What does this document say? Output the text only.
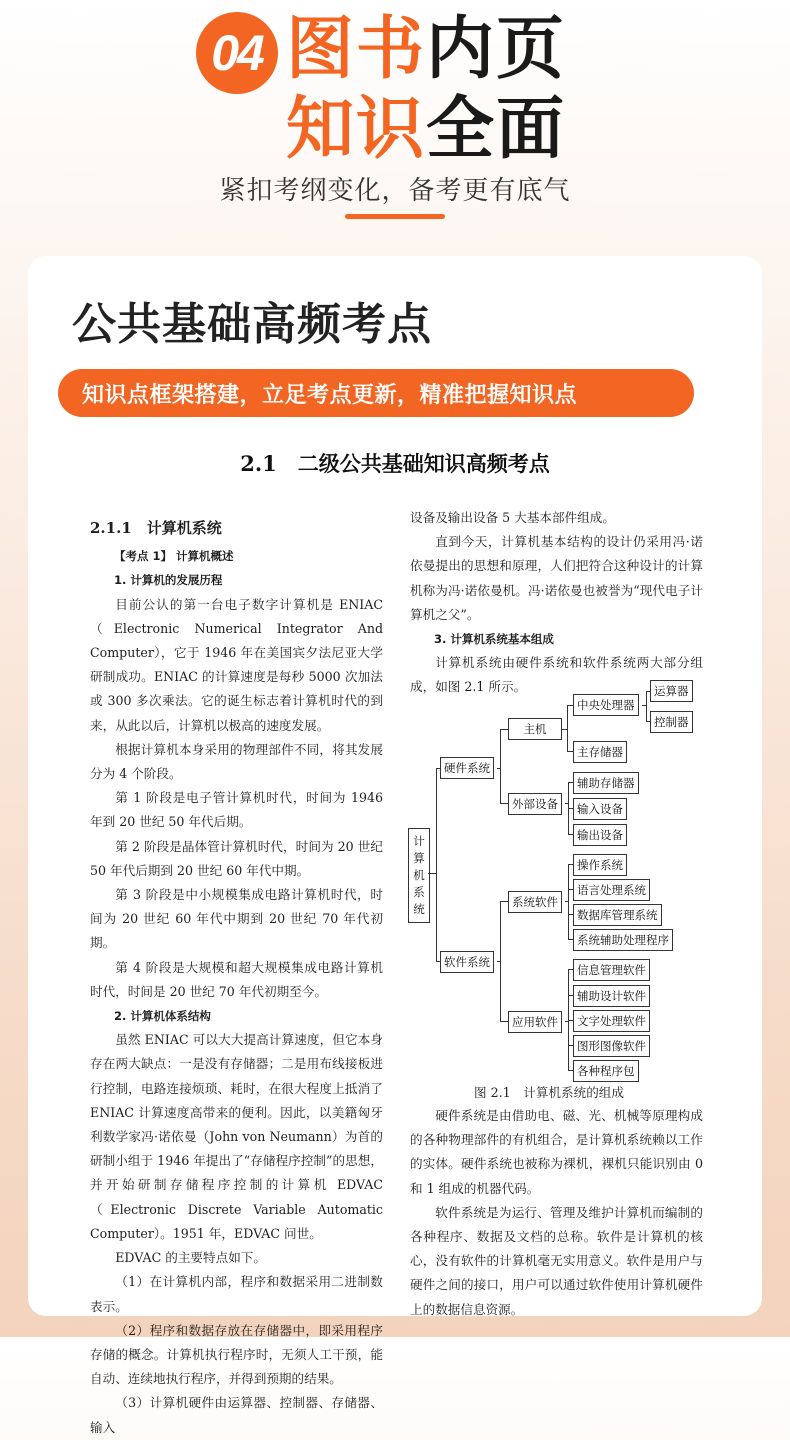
04 图书内页
知识全面
紧扣考纲变化，备考更有底气
公共基础高频考点
知识点框架搭建，立足考点更新，精准把握知识点
2.1　二级公共基础知识高频考点

2.1.1　计算机系统

【考点 1】 计算机概述

1. 计算机的发展历程

目前公认的第一台电子数字计算机是 ENIAC（Electronic Numerical Integrator And Computer），它于 1946 年在美国宾夕法尼亚大学研制成功。ENIAC 的计算速度是每秒 5000 次加法或 300 多次乘法。它的诞生标志着计算机时代的到来，从此以后，计算机以极高的速度发展。

根据计算机本身采用的物理部件不同，将其发展分为 4 个阶段。

第 1 阶段是电子管计算机时代，时间为 1946 年到 20 世纪 50 年代后期。

第 2 阶段是晶体管计算机时代，时间为 20 世纪 50 年代后期到 20 世纪 60 年代中期。

第 3 阶段是中小规模集成电路计算机时代，时间为 20 世纪 60 年代中期到 20 世纪 70 年代初期。

第 4 阶段是大规模和超大规模集成电路计算机时代，时间是 20 世纪 70 年代初期至今。

2. 计算机体系结构

虽然 ENIAC 可以大大提高计算速度，但它本身存在两大缺点：一是没有存储器；二是用布线接板进行控制，电路连接烦琐、耗时，在很大程度上抵消了 ENIAC 计算速度高带来的便利。因此，以美籍匈牙利数学家冯·诺依曼（John von Neumann）为首的研制小组于 1946 年提出了“存储程序控制”的思想，并开始研制存储程序控制的计算机 EDVAC（Electronic Discrete Variable Automatic Computer）。1951 年，EDVAC 问世。

EDVAC 的主要特点如下。

（1）在计算机内部，程序和数据采用二进制数表示。

（2）程序和数据存放在存储器中，即采用程序存储的概念。计算机执行程序时，无须人工干预，能自动、连续地执行程序，并得到预期的结果。

（3）计算机硬件由运算器、控制器、存储器、输入

设备及输出设备 5 大基本部件组成。

直到今天，计算机基本结构的设计仍采用冯·诺依曼提出的思想和原理，人们把符合这种设计的计算机称为冯·诺依曼机。冯·诺依曼也被誉为“现代电子计算机之父”。

3. 计算机系统基本组成

计算机系统由硬件系统和软件系统两大部分组成，如图 2.1 所示。

计算机系统
硬件系统
主机
中央处理器
运算器
控制器
主存储器
外部设备
辅助存储器
输入设备
输出设备
软件系统
系统软件
操作系统
语言处理系统
数据库管理系统
系统辅助处理程序
应用软件
信息管理软件
辅助设计软件
文字处理软件
图形图像软件
各种程序包
图 2.1　计算机系统的组成

硬件系统是由借助电、磁、光、机械等原理构成的各种物理部件的有机组合，是计算机系统赖以工作的实体。硬件系统也被称为裸机，裸机只能识别由 0 和 1 组成的机器代码。

软件系统是为运行、管理及维护计算机而编制的各种程序、数据及文档的总称。软件是计算机的核心，没有软件的计算机毫无实用意义。软件是用户与硬件之间的接口，用户可以通过软件使用计算机硬件上的数据信息资源。
